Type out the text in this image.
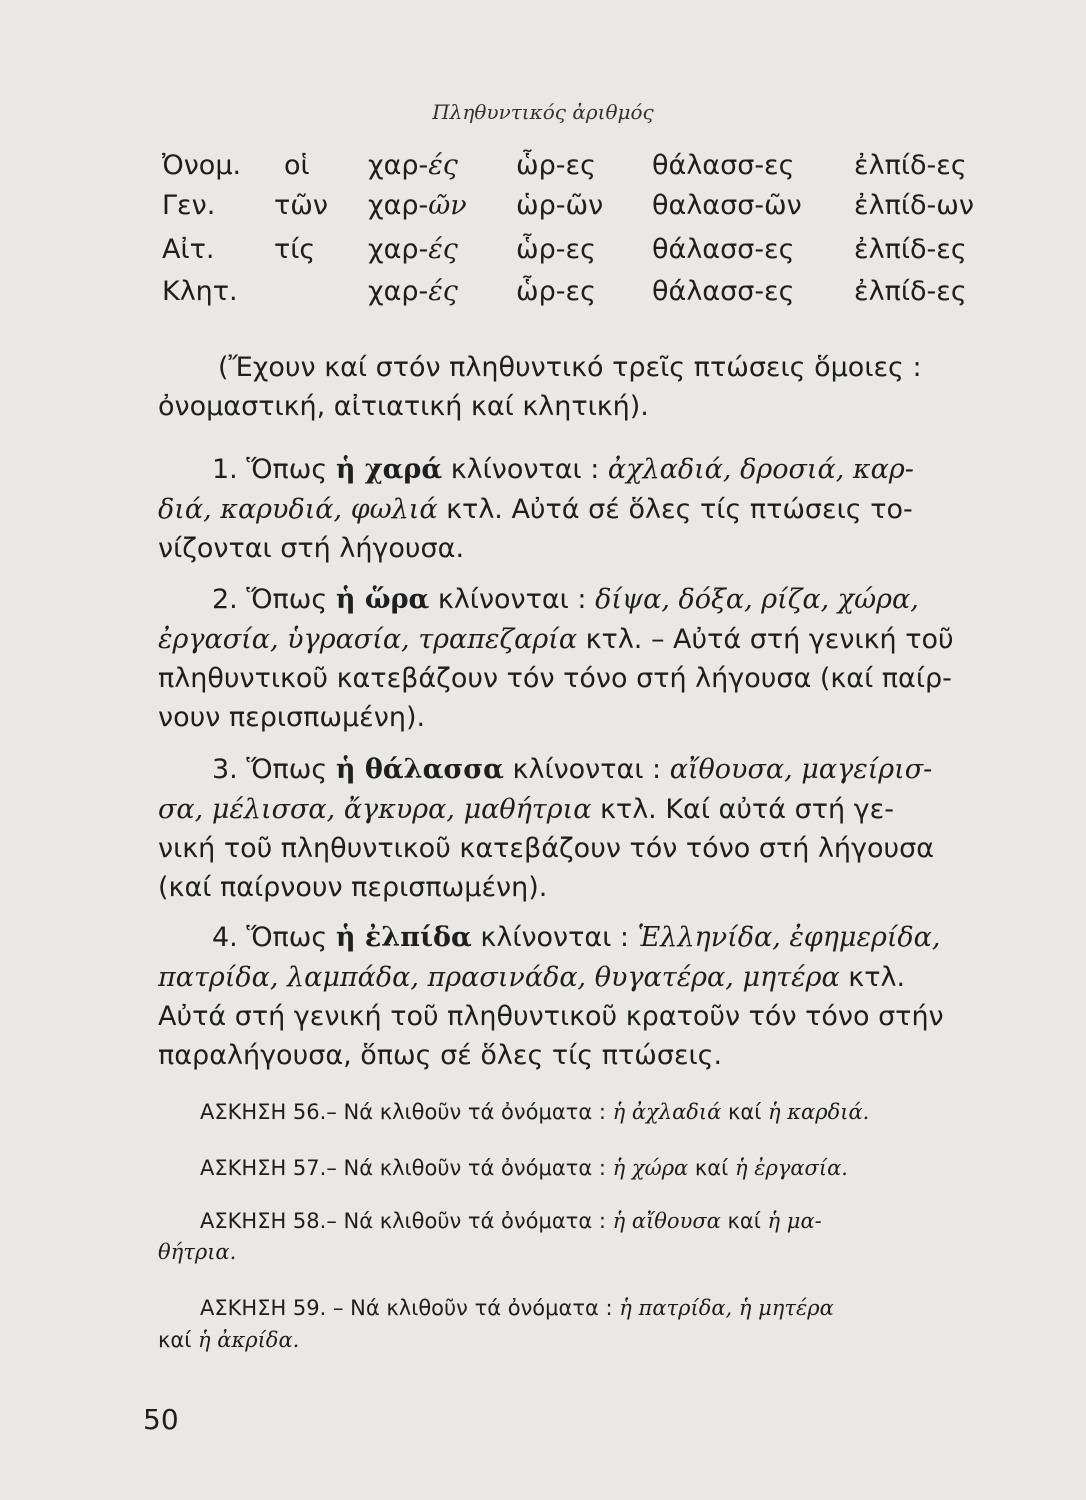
Πληθυντικός ἀριθμός
Ὀνομ. οἱ χαρ-ές ὧρ-ες θάλασσ-ες ἐλπίδ-ες
Γεν. τῶν χαρ-ῶν ὡρ-ῶν θαλασσ-ῶν ἐλπίδ-ων
Αἰτ. τίς χαρ-ές ὧρ-ες θάλασσ-ες ἐλπίδ-ες
Κλητ.	χαρ-ές ὧρ-ες θάλασσ-ες ἐλπίδ-ες
(Ἔχουν καί στόν πληθυντικό τρεῖς πτώσεις ὅμοιες :
ὀνομαστική, αἰτιατική καί κλητική).
1. Ὅπως ἡ χαρά κλίνονται : ἀχλαδιά, δροσιά, καρ-
διά, καρυδιά, φωλιά κτλ. Αὐτά σέ ὅλες τίς πτώσεις το-
νίζονται στή λήγουσα.
2. Ὅπως ἡ ὥρα κλίνονται : δίψα, δόξα, ρίζα, χώρα,
ἐργασία, ὑγρασία, τραπεζαρία κτλ. – Αὐτά στή γενική τοῦ
πληθυντικοῦ κατεβάζουν τόν τόνο στή λήγουσα (καί παίρ-
νουν περισπωμένη).
3. Ὅπως ἡ θάλασσα κλίνονται : αἴθουσα, μαγείρισ-
σα, μέλισσα, ἄγκυρα, μαθήτρια κτλ. Καί αὐτά στή γε-
νική τοῦ πληθυντικοῦ κατεβάζουν τόν τόνο στή λήγουσα
(καί παίρνουν περισπωμένη).
4. Ὅπως ἡ ἐλπίδα κλίνονται : Ἑλληνίδα, ἐφημερίδα,
πατρίδα, λαμπάδα, πρασινάδα, θυγατέρα, μητέρα κτλ.
Αὐτά στή γενική τοῦ πληθυντικοῦ κρατοῦν τόν τόνο στήν
παραλήγουσα, ὅπως σέ ὅλες τίς πτώσεις.
ΑΣΚΗΣΗ 56.– Νά κλιθοῦν τά ὀνόματα : ἡ ἀχλαδιά καί ἡ καρδιά.
ΑΣΚΗΣΗ 57.– Νά κλιθοῦν τά ὀνόματα : ἡ χώρα καί ἡ ἐργασία.
ΑΣΚΗΣΗ 58.– Νά κλιθοῦν τά ὀνόματα : ἡ αἴθουσα καί ἡ μα-
θήτρια.
ΑΣΚΗΣΗ 59. – Νά κλιθοῦν τά ὀνόματα : ἡ πατρίδα, ἡ μητέρα
καί ἡ ἀκρίδα.
50
